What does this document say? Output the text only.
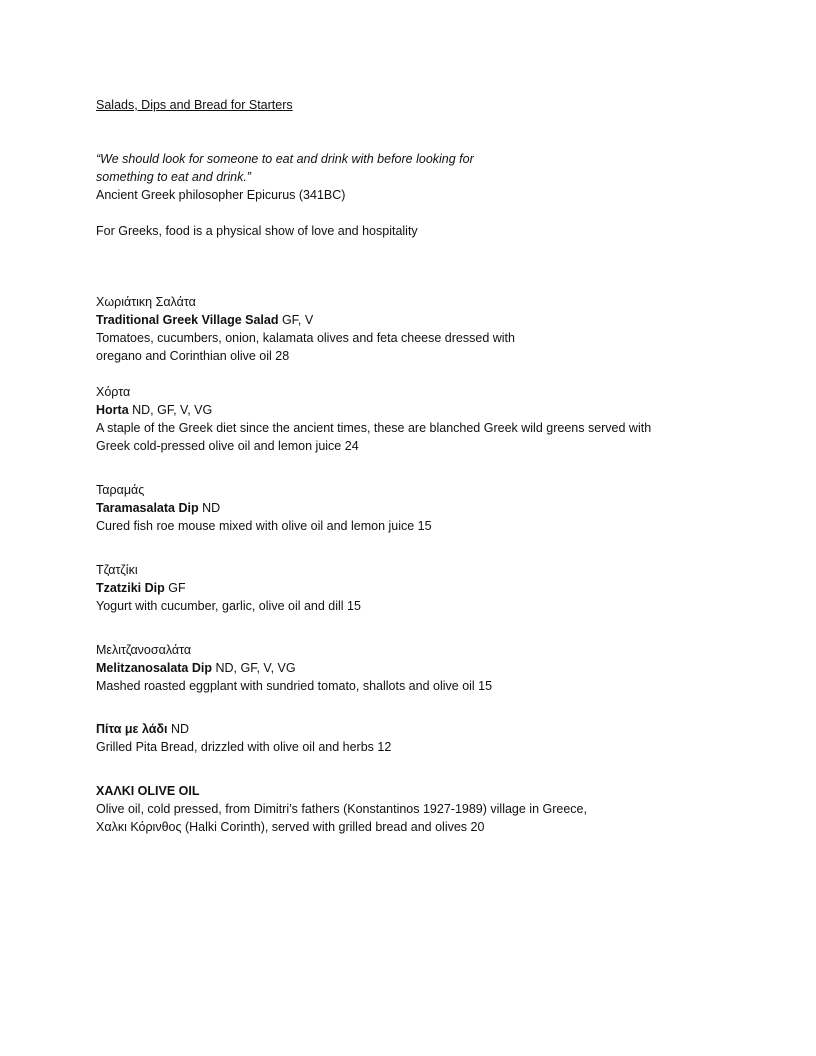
Salads, Dips and Bread for Starters
“We should look for someone to eat and drink with before looking for
something to eat and drink.”
Ancient Greek philosopher Epicurus (341BC)
For Greeks, food is a physical show of love and hospitality
Χωριάτικη Σαλάτα
Traditional Greek Village Salad GF, V
Tomatoes, cucumbers, onion, kalamata olives and feta cheese dressed with
oregano and Corinthian olive oil 28
Χόρτα
Horta ND, GF, V, VG
A staple of the Greek diet since the ancient times, these are blanched Greek wild greens served with
Greek cold-pressed olive oil and lemon juice 24
Ταραμάς
Taramasalata Dip ND
Cured fish roe mouse mixed with olive oil and lemon juice 15
Τζατζίκι
Tzatziki Dip GF
Yogurt with cucumber, garlic, olive oil and dill 15
Μελιτζανοσαλάτα
Melitzanosalata Dip ND, GF, V, VG
Mashed roasted eggplant with sundried tomato, shallots and olive oil 15
Πίτα με λάδι ND
Grilled Pita Bread, drizzled with olive oil and herbs 12
ΧΑΛΚΙ OLIVE OIL
Olive oil, cold pressed, from Dimitri’s fathers (Konstantinos 1927-1989) village in Greece,
Χαλκι Κόρινθος (Halki Corinth), served with grilled bread and olives 20
